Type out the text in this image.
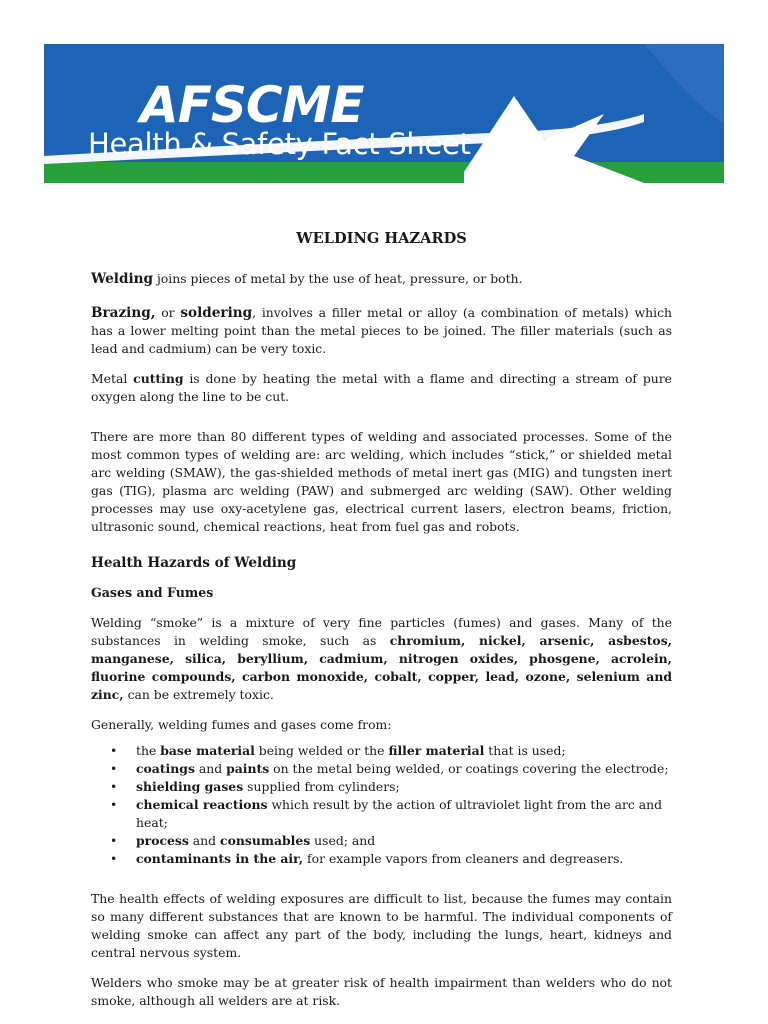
AFSCME
Health & Safety Fact Sheet

WELDING HAZARDS

Welding joins pieces of metal by the use of heat, pressure, or both.

Brazing, or soldering, involves a filler metal or alloy (a combination of metals) which has a lower melting point than the metal pieces to be joined. The filler materials (such as lead and cadmium) can be very toxic.

Metal cutting is done by heating the metal with a flame and directing a stream of pure oxygen along the line to be cut.

There are more than 80 different types of welding and associated processes. Some of the most common types of welding are: arc welding, which includes “stick,” or shielded metal arc welding (SMAW), the gas-shielded methods of metal inert gas (MIG) and tungsten inert gas (TIG), plasma arc welding (PAW) and submerged arc welding (SAW). Other welding processes may use oxy-acetylene gas, electrical current lasers, electron beams, friction, ultrasonic sound, chemical reactions, heat from fuel gas and robots.

Health Hazards of Welding

Gases and Fumes

Welding “smoke” is a mixture of very fine particles (fumes) and gases. Many of the substances in welding smoke, such as chromium, nickel, arsenic, asbestos, manganese, silica, beryllium, cadmium, nitrogen oxides, phosgene, acrolein, fluorine compounds, carbon monoxide, cobalt, copper, lead, ozone, selenium and zinc, can be extremely toxic.

Generally, welding fumes and gases come from:

• the base material being welded or the filler material that is used;
• coatings and paints on the metal being welded, or coatings covering the electrode;
• shielding gases supplied from cylinders;
• chemical reactions which result by the action of ultraviolet light from the arc and heat;
• process and consumables used; and
• contaminants in the air, for example vapors from cleaners and degreasers.

The health effects of welding exposures are difficult to list, because the fumes may contain so many different substances that are known to be harmful. The individual components of welding smoke can affect any part of the body, including the lungs, heart, kidneys and central nervous system.

Welders who smoke may be at greater risk of health impairment than welders who do not smoke, although all welders are at risk.
